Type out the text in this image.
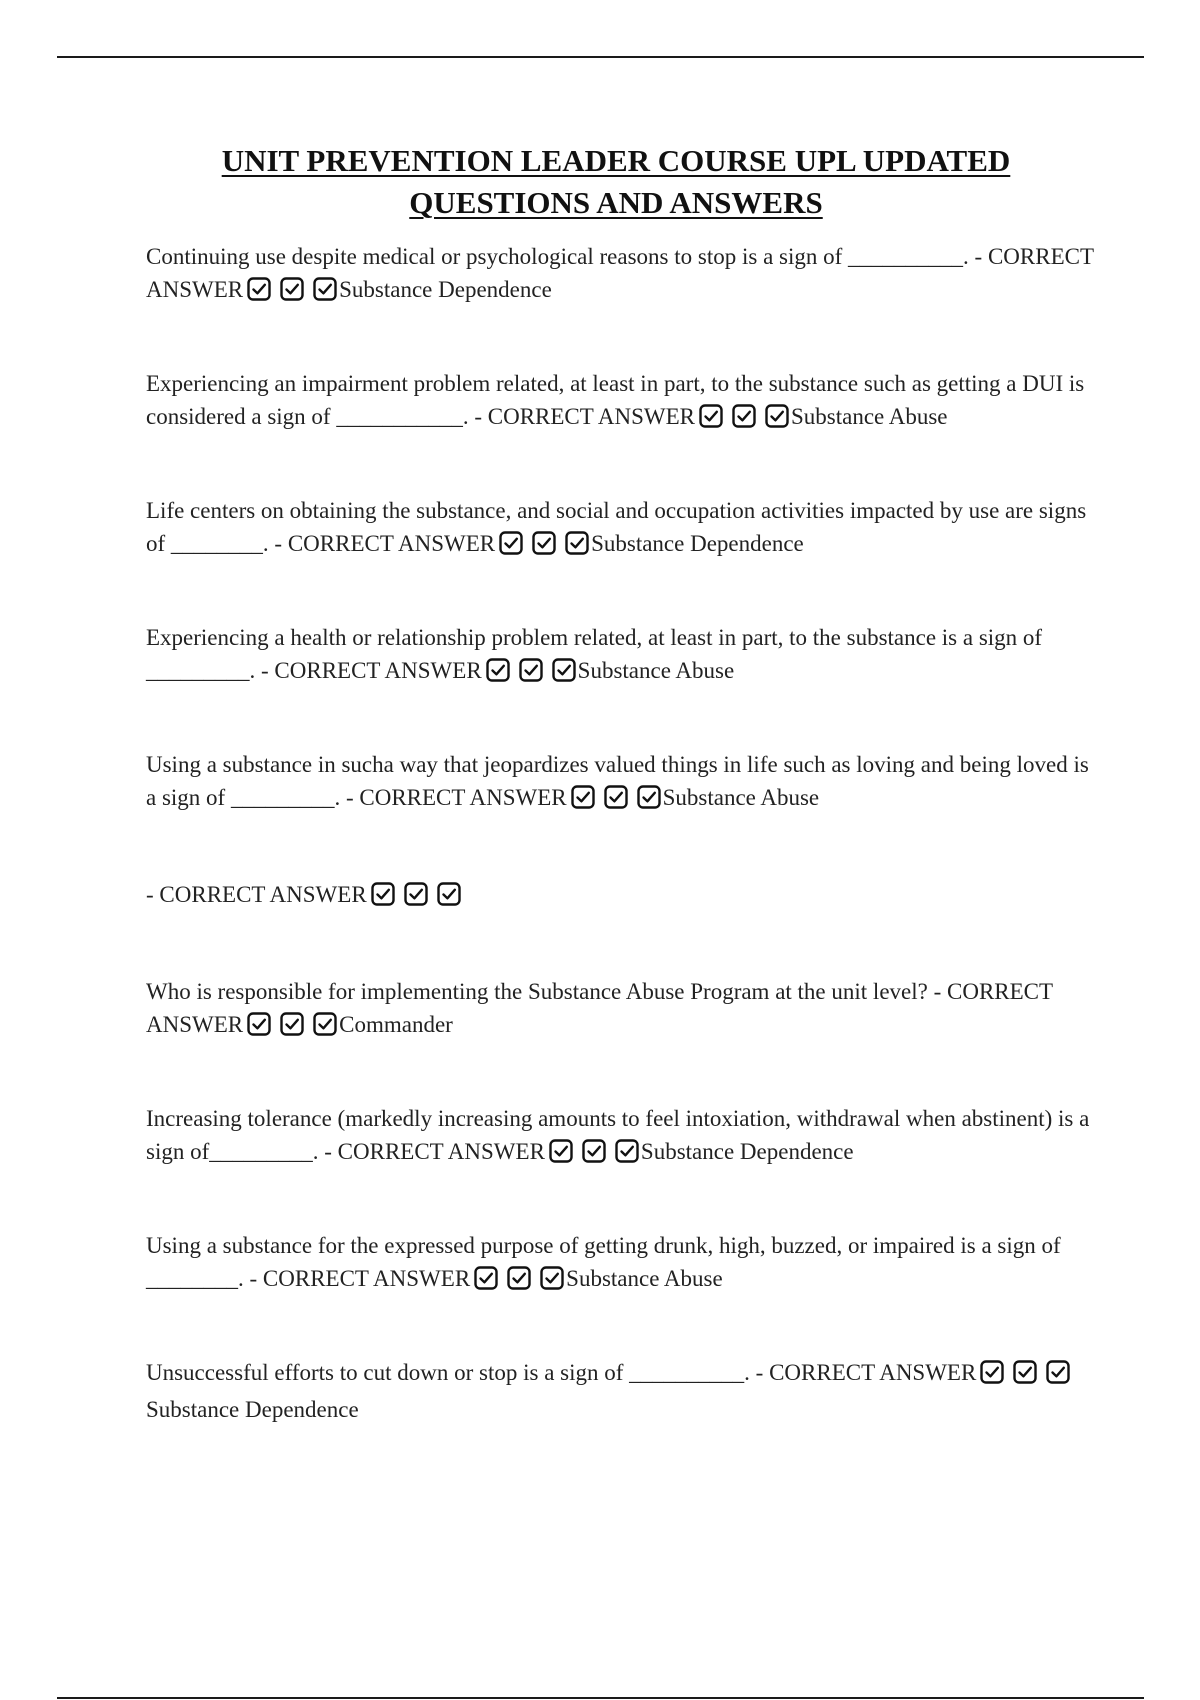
UNIT PREVENTION LEADER COURSE UPL UPDATED
QUESTIONS AND ANSWERS
Continuing use despite medical or psychological reasons to stop is a sign of __________. - CORRECT ANSWER	Substance Dependence
Experiencing an impairment problem related, at least in part, to the substance such as getting a DUI is considered a sign of ___________. - CORRECT ANSWER	Substance Abuse
Life centers on obtaining the substance, and social and occupation activities impacted by use are signs of ________. - CORRECT ANSWER	Substance Dependence
Experiencing a health or relationship problem related, at least in part, to the substance is a sign of _________. - CORRECT ANSWER	Substance Abuse
Using a substance in sucha way that jeopardizes valued things in life such as loving and being loved is a sign of _________. - CORRECT ANSWER	Substance Abuse
- CORRECT ANSWER
Who is responsible for implementing the Substance Abuse Program at the unit level? - CORRECT ANSWER	Commander
Increasing tolerance (markedly increasing amounts to feel intoxiation, withdrawal when abstinent) is a sign of_________. - CORRECT ANSWER	Substance Dependence
Using a substance for the expressed purpose of getting drunk, high, buzzed, or impaired is a sign of ________. - CORRECT ANSWER	Substance Abuse
Unsuccessful efforts to cut down or stop is a sign of __________. - CORRECT ANSWER
Substance Dependence
